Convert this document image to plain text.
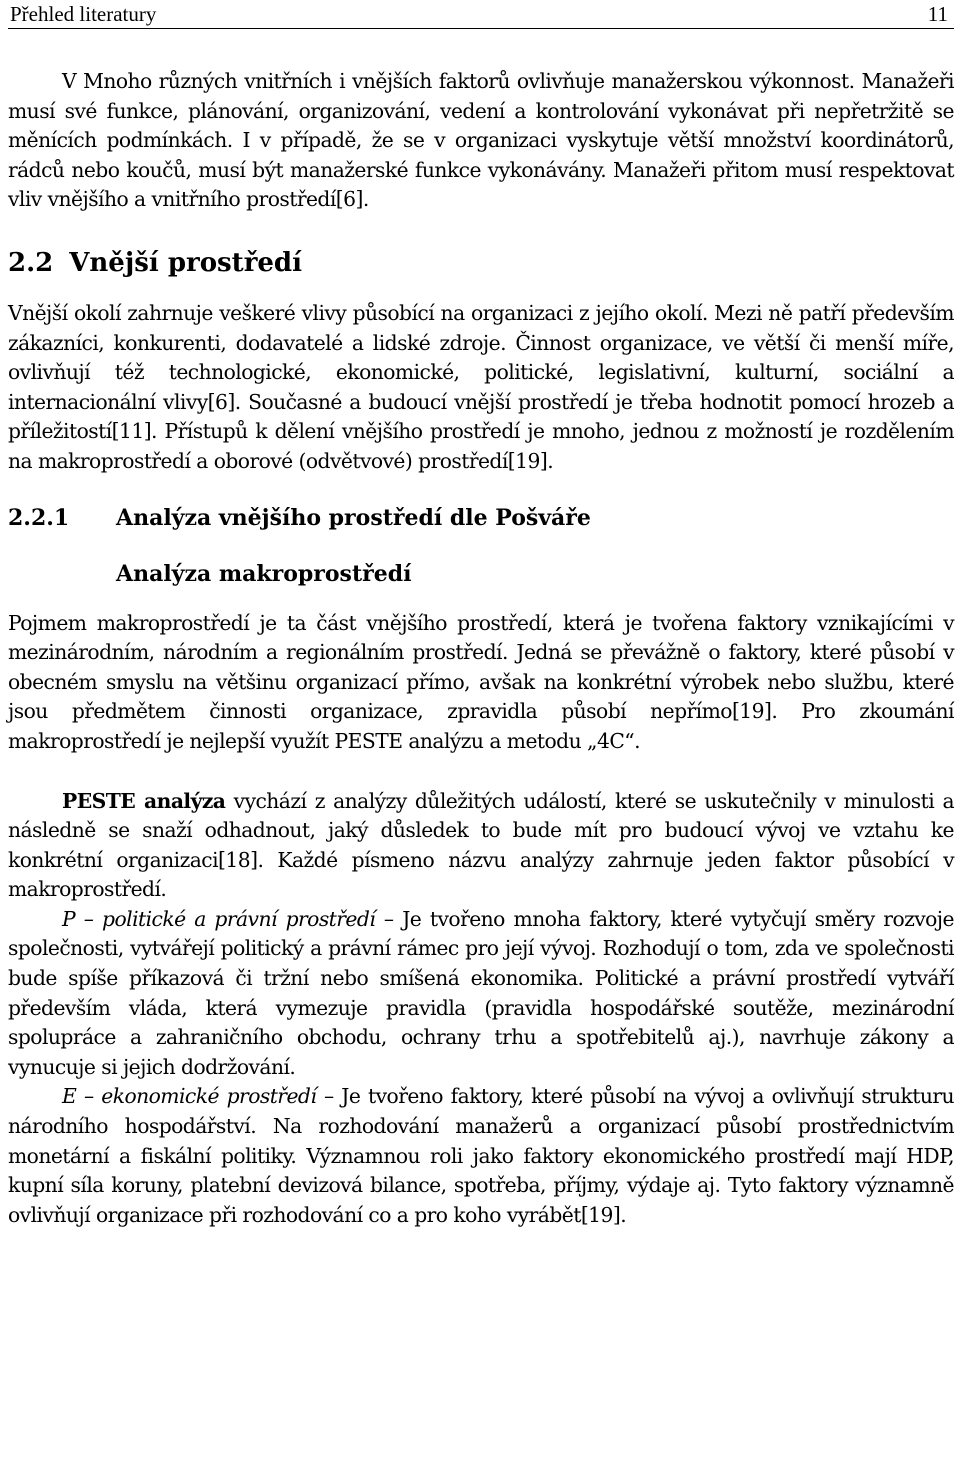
Přehled literatury	11

V Mnoho různých vnitřních i vnějších faktorů ovlivňuje manažerskou výkonnost. Manažeři musí své funkce, plánování, organizování, vedení a kontrolování vykonávat při nepřetržitě se měnících podmínkách. I v případě, že se v organizaci vyskytuje větší množství koordinátorů, rádců nebo koučů, musí být manažerské funkce vykonávány. Manažeři přitom musí respektovat vliv vnějšího a vnitřního prostředí[6].

2.2 Vnější prostředí

Vnější okolí zahrnuje veškeré vlivy působící na organizaci z jejího okolí. Mezi ně patří především zákazníci, konkurenti, dodavatelé a lidské zdroje. Činnost organizace, ve větší či menší míře, ovlivňují též technologické, ekonomické, politické, legislativní, kulturní, sociální a internacionální vlivy[6]. Současné a budoucí vnější prostředí je třeba hodnotit pomocí hrozeb a příležitostí[11]. Přístupů k dělení vnějšího prostředí je mnoho, jednou z možností je rozdělením na makroprostředí a oborové (odvětvové) prostředí[19].

2.2.1	Analýza vnějšího prostředí dle Pošváře
Analýza makroprostředí

Pojmem makroprostředí je ta část vnějšího prostředí, která je tvořena faktory vznikajícími v mezinárodním, národním a regionálním prostředí. Jedná se převážně o faktory, které působí v obecném smyslu na většinu organizací přímo, avšak na konkrétní výrobek nebo službu, které jsou předmětem činnosti organizace, zpravidla působí nepřímo[19]. Pro zkoumání makroprostředí je nejlepší využít PESTE analýzu a metodu „4C“.

PESTE analýza vychází z analýzy důležitých událostí, které se uskutečnily v minulosti a následně se snaží odhadnout, jaký důsledek to bude mít pro budoucí vývoj ve vztahu ke konkrétní organizaci[18]. Každé písmeno názvu analýzy zahrnuje jeden faktor působící v makroprostředí.

P – politické a právní prostředí – Je tvořeno mnoha faktory, které vytyčují směry rozvoje společnosti, vytvářejí politický a právní rámec pro její vývoj. Rozhodují o tom, zda ve společnosti bude spíše příkazová či tržní nebo smíšená ekonomika. Politické a právní prostředí vytváří především vláda, která vymezuje pravidla (pravidla hospodářské soutěže, mezinárodní spolupráce a zahraničního obchodu, ochrany trhu a spotřebitelů aj.), navrhuje zákony a vynucuje si jejich dodržování.

E – ekonomické prostředí – Je tvořeno faktory, které působí na vývoj a ovlivňují strukturu národního hospodářství. Na rozhodování manažerů a organizací působí prostřednictvím monetární a fiskální politiky. Významnou roli jako faktory ekonomického prostředí mají HDP, kupní síla koruny, platební devizová bilance, spotřeba, příjmy, výdaje aj. Tyto faktory významně ovlivňují organizace při rozhodování co a pro koho vyrábět[19].
